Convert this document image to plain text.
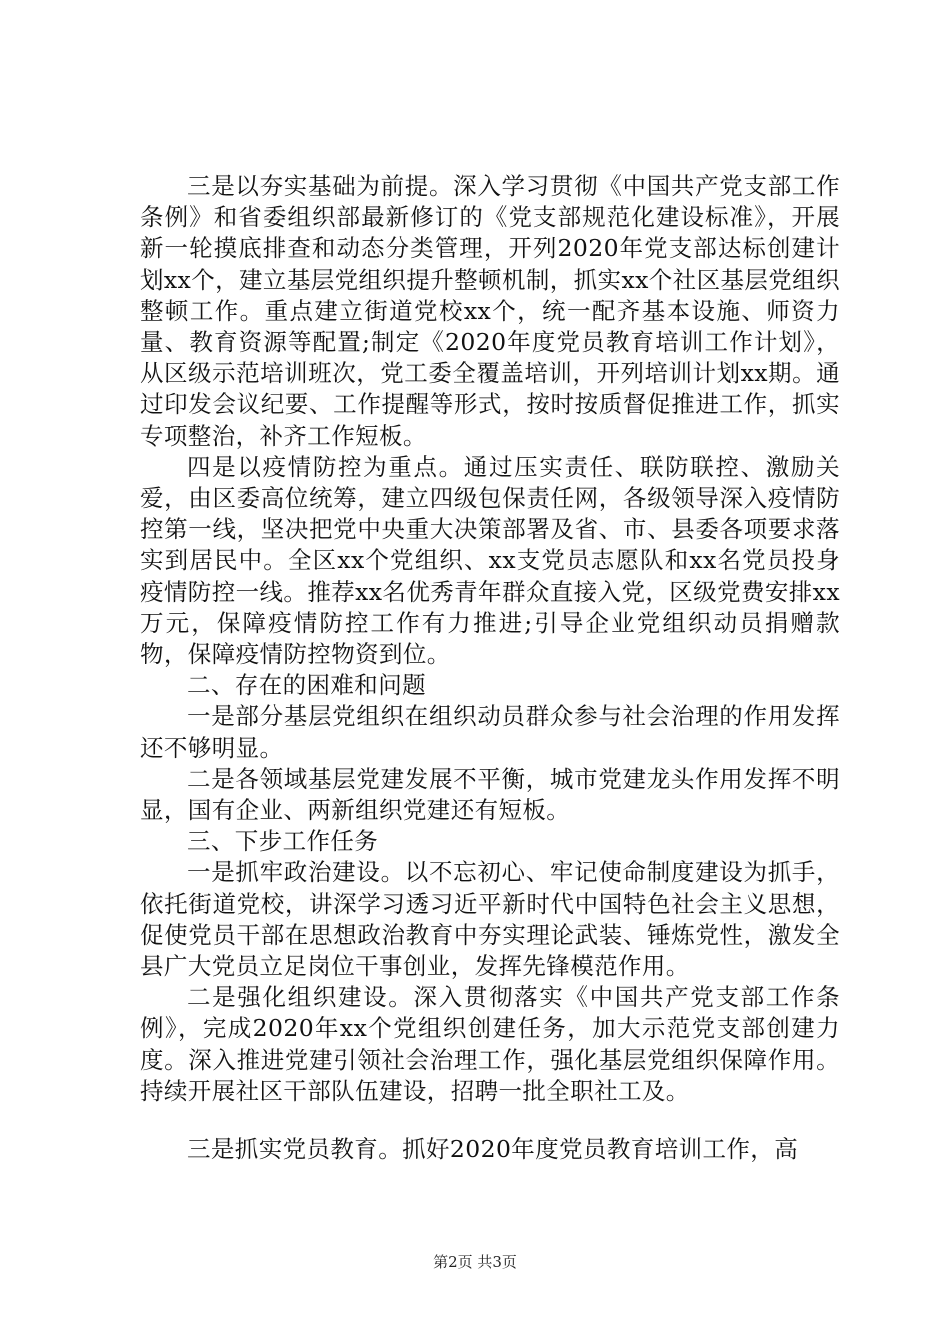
三是以夯实基础为前提。深入学习贯彻《中国共产党支部工作条例》和省委组织部最新修订的《党支部规范化建设标准》，开展新一轮摸底排查和动态分类管理，开列2020年党支部达标创建计划xx个，建立基层党组织提升整顿机制，抓实xx个社区基层党组织整顿工作。重点建立街道党校xx个，统一配齐基本设施、师资力量、教育资源等配置;制定《2020年度党员教育培训工作计划》，从区级示范培训班次，党工委全覆盖培训，开列培训计划xx期。通过印发会议纪要、工作提醒等形式，按时按质督促推进工作，抓实专项整治，补齐工作短板。

四是以疫情防控为重点。通过压实责任、联防联控、激励关爱，由区委高位统筹，建立四级包保责任网，各级领导深入疫情防控第一线，坚决把党中央重大决策部署及省、市、县委各项要求落实到居民中。全区xx个党组织、xx支党员志愿队和xx名党员投身疫情防控一线。推荐xx名优秀青年群众直接入党，区级党费安排xx万元，保障疫情防控工作有力推进;引导企业党组织动员捐赠款物，保障疫情防控物资到位。

二、存在的困难和问题

一是部分基层党组织在组织动员群众参与社会治理的作用发挥还不够明显。

二是各领域基层党建发展不平衡，城市党建龙头作用发挥不明显，国有企业、两新组织党建还有短板。

三、下步工作任务

一是抓牢政治建设。以不忘初心、牢记使命制度建设为抓手，依托街道党校，讲深学习透习近平新时代中国特色社会主义思想，促使党员干部在思想政治教育中夯实理论武装、锤炼党性，激发全县广大党员立足岗位干事创业，发挥先锋模范作用。

二是强化组织建设。深入贯彻落实《中国共产党支部工作条例》，完成2020年xx个党组织创建任务，加大示范党支部创建力度。深入推进党建引领社会治理工作，强化基层党组织保障作用。持续开展社区干部队伍建设，招聘一批全职社工及。

三是抓实党员教育。抓好2020年度党员教育培训工作，高

第2页 共3页
